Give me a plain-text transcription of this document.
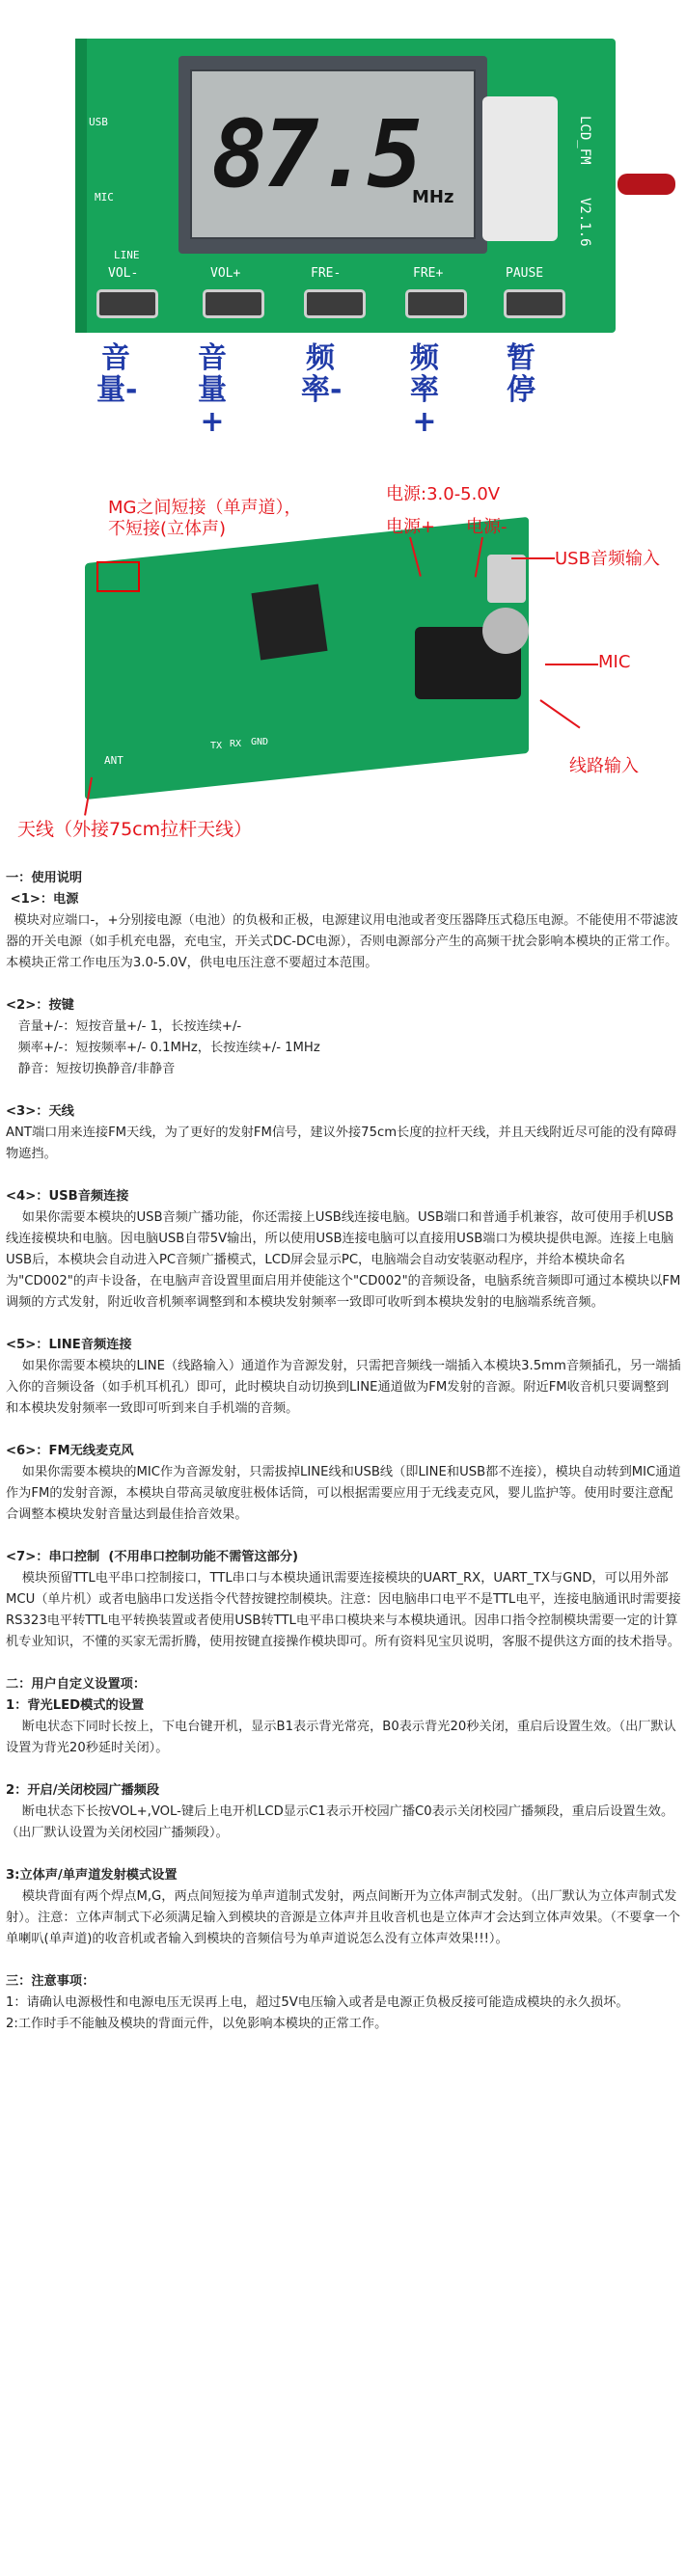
87.5
MHz
USB
MIC
LINE
LCD_FM
V2.1.6
VOL-	VOL+	FRE-	FRE+	PAUSE
音量-
音量+
频率-
频率+
暂停
MG之间短接（单声道），
不短接(立体声)
电源:3.0-5.0V
电源+ 电源-
USB音频输入
MIC
线路输入
天线（外接75cm拉杆天线）
ANT
TX RX GND
一：使用说明
<1>：电源
模块对应端口-，+分别接电源（电池）的负极和正极，电源建议用电池或者变压器降压式稳压电源。不能使用不带滤波器的开关电源（如手机充电器，充电宝，开关式DC-DC电源），否则电源部分产生的高频干扰会影响本模块的正常工作。本模块正常工作电压为3.0-5.0V，供电电压注意不要超过本范围。
<2>：按键
音量+/-：短按音量+/- 1，长按连续+/-
频率+/-：短按频率+/- 0.1MHz，长按连续+/- 1MHz
静音：短按切换静音/非静音
<3>：天线
ANT端口用来连接FM天线，为了更好的发射FM信号，建议外接75cm长度的拉杆天线，并且天线附近尽可能的没有障碍物遮挡。
<4>：USB音频连接
如果你需要本模块的USB音频广播功能，你还需接上USB线连接电脑。USB端口和普通手机兼容，故可使用手机USB线连接模块和电脑。因电脑USB自带5V输出，所以使用USB连接电脑可以直接用USB端口为模块提供电源。连接上电脑USB后，本模块会自动进入PC音频广播模式，LCD屏会显示PC，电脑端会自动安装驱动程序，并给本模块命名为"CD002"的声卡设备，在电脑声音设置里面启用并使能这个"CD002"的音频设备，电脑系统音频即可通过本模块以FM调频的方式发射，附近收音机频率调整到和本模块发射频率一致即可收听到本模块发射的电脑端系统音频。
<5>：LINE音频连接
如果你需要本模块的LINE（线路输入）通道作为音源发射，只需把音频线一端插入本模块3.5mm音频插孔，另一端插入你的音频设备（如手机耳机孔）即可，此时模块自动切换到LINE通道做为FM发射的音源。附近FM收音机只要调整到和本模块发射频率一致即可听到来自手机端的音频。
<6>：FM无线麦克风
如果你需要本模块的MIC作为音源发射，只需拔掉LINE线和USB线（即LINE和USB都不连接），模块自动转到MIC通道作为FM的发射音源，本模块自带高灵敏度驻极体话筒，可以根据需要应用于无线麦克风，婴儿监护等。使用时要注意配合调整本模块发射音量达到最佳拾音效果。
<7>：串口控制  (不用串口控制功能不需管这部分)
模块预留TTL电平串口控制接口，TTL串口与本模块通讯需要连接模块的UART_RX，UART_TX与GND，可以用外部MCU（单片机）或者电脑串口发送指令代替按键控制模块。注意：因电脑串口电平不是TTL电平，连接电脑通讯时需要接RS323电平转TTL电平转换装置或者使用USB转TTL电平串口模块来与本模块通讯。因串口指令控制模块需要一定的计算机专业知识，不懂的买家无需折腾，使用按键直接操作模块即可。所有资料见宝贝说明，客服不提供这方面的技术指导。
二：用户自定义设置项：
1：背光LED模式的设置
断电状态下同时长按上，下电台键开机，显示B1表示背光常亮，B0表示背光20秒关闭，重启后设置生效。（出厂默认设置为背光20秒延时关闭）。
2：开启/关闭校园广播频段
断电状态下长按VOL+,VOL-键后上电开机LCD显示C1表示开校园广播C0表示关闭校园广播频段，重启后设置生效。（出厂默认设置为关闭校园广播频段）。
3:立体声/单声道发射模式设置
模块背面有两个焊点M,G，两点间短接为单声道制式发射，两点间断开为立体声制式发射。（出厂默认为立体声制式发射）。注意：立体声制式下必须满足输入到模块的音源是立体声并且收音机也是立体声才会达到立体声效果。（不要拿一个单喇叭(单声道)的收音机或者输入到模块的音频信号为单声道说怎么没有立体声效果!!!）。
三：注意事项：
1：请确认电源极性和电源电压无误再上电，超过5V电压输入或者是电源正负极反接可能造成模块的永久损坏。
2:工作时手不能触及模块的背面元件，以免影响本模块的正常工作。
